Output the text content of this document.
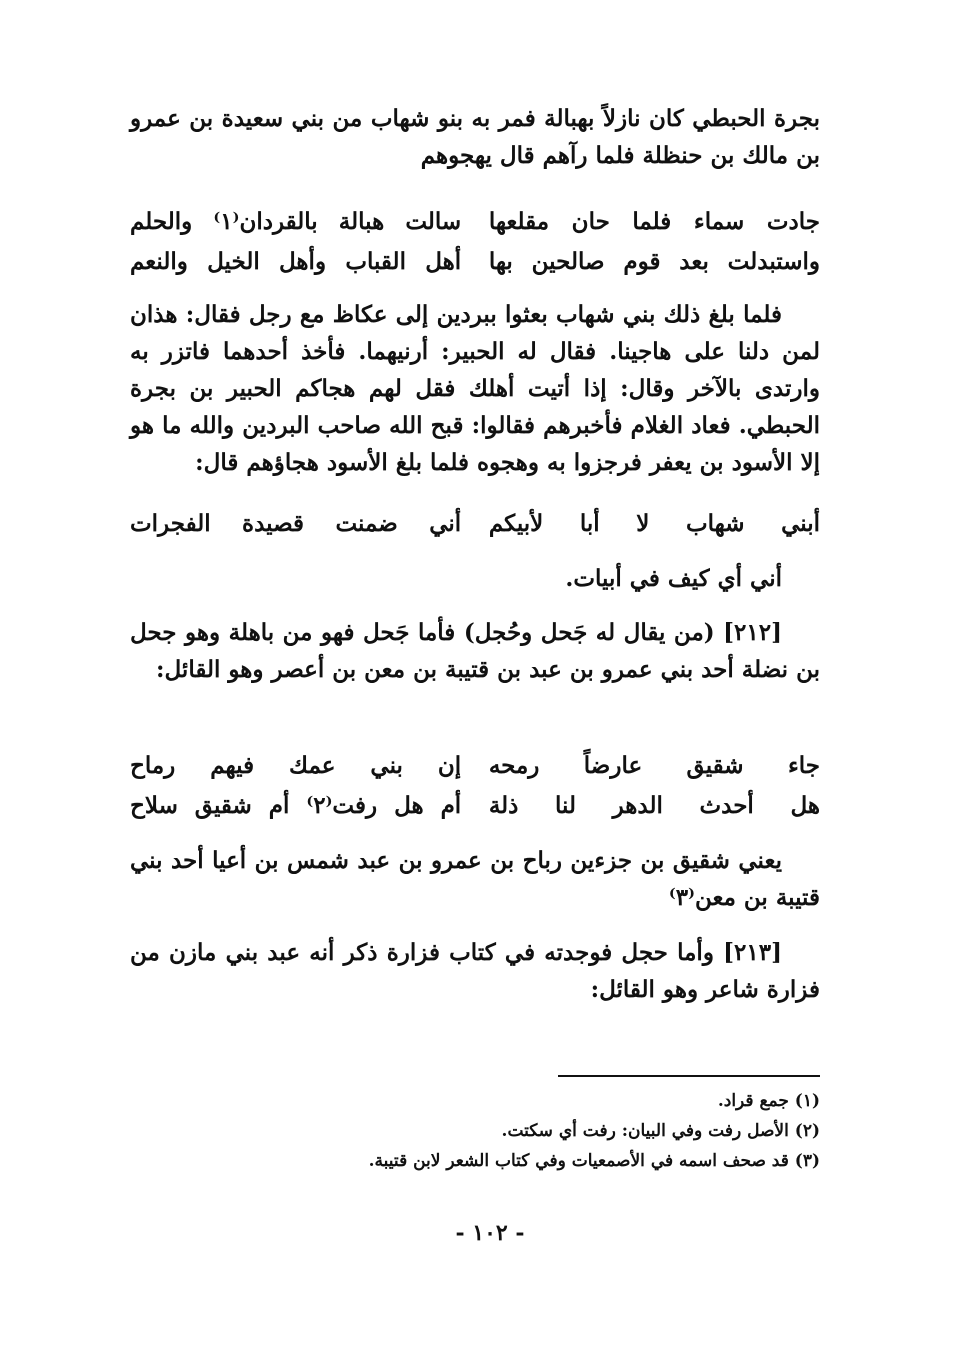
بجرة الحبطي كان نازلاً بهبالة فمر به بنو شهاب من بني سعيدة بن عمرو بن مالك بن حنظلة فلما رآهم قال يهجوهم

جادت سماء فلما حان مقلعها
سالت هبالة بالقردان⁽١⁾ والحلم
واستبدلت بعد قوم صالحين بها
أهل القباب وأهل الخيل والنعم

فلما بلغ ذلك بني شهاب بعثوا ببردين إلى عكاظ مع رجل فقال: هذان لمن دلنا على هاجينا. فقال له الحبير: أرنيهما. فأخذ أحدهما فاتزر به وارتدى بالآخر وقال: إذا أتيت أهلك فقل لهم هجاكم الحبير بن بجرة الحبطي. فعاد الغلام فأخبرهم فقالوا: قبح الله صاحب البردين والله ما هو إلا الأسود بن يعفر فرجزوا به وهجوه فلما بلغ الأسود هجاؤهم قال:

أبني شهاب لا أبا لأبيكم
أني ضمنت قصيدة الفجرات

أني أي كيف في أبيات.

[٢١٢] (من يقال له جَحل وحُجل) فأما جَحل فهو من باهلة وهو جحل بن نضلة أحد بني عمرو بن عبد بن قتيبة بن معن بن أعصر وهو القائل:

جاء شقيق عارضاً رمحه
إن بني عمك فيهم رماح
هل أحدث الدهر لنا ذلة
أم هل رفت⁽٢⁾ أم شقيق سلاح

يعني شقيق بن جزءين رباح بن عمرو بن عبد شمس بن أعيا أحد بني قتيبة بن معن⁽٣⁾

[٢١٣] وأما حجل فوجدته في كتاب فزارة ذكر أنه عبد بني مازن من فزارة شاعر وهو القائل:

(١) جمع قراد.
(٢) الأصل رفت وفي البيان: رفت أي سكتت.
(٣) قد صحف اسمه في الأصمعيات وفي كتاب الشعر لابن قتيبة.
- ١٠٢ -
